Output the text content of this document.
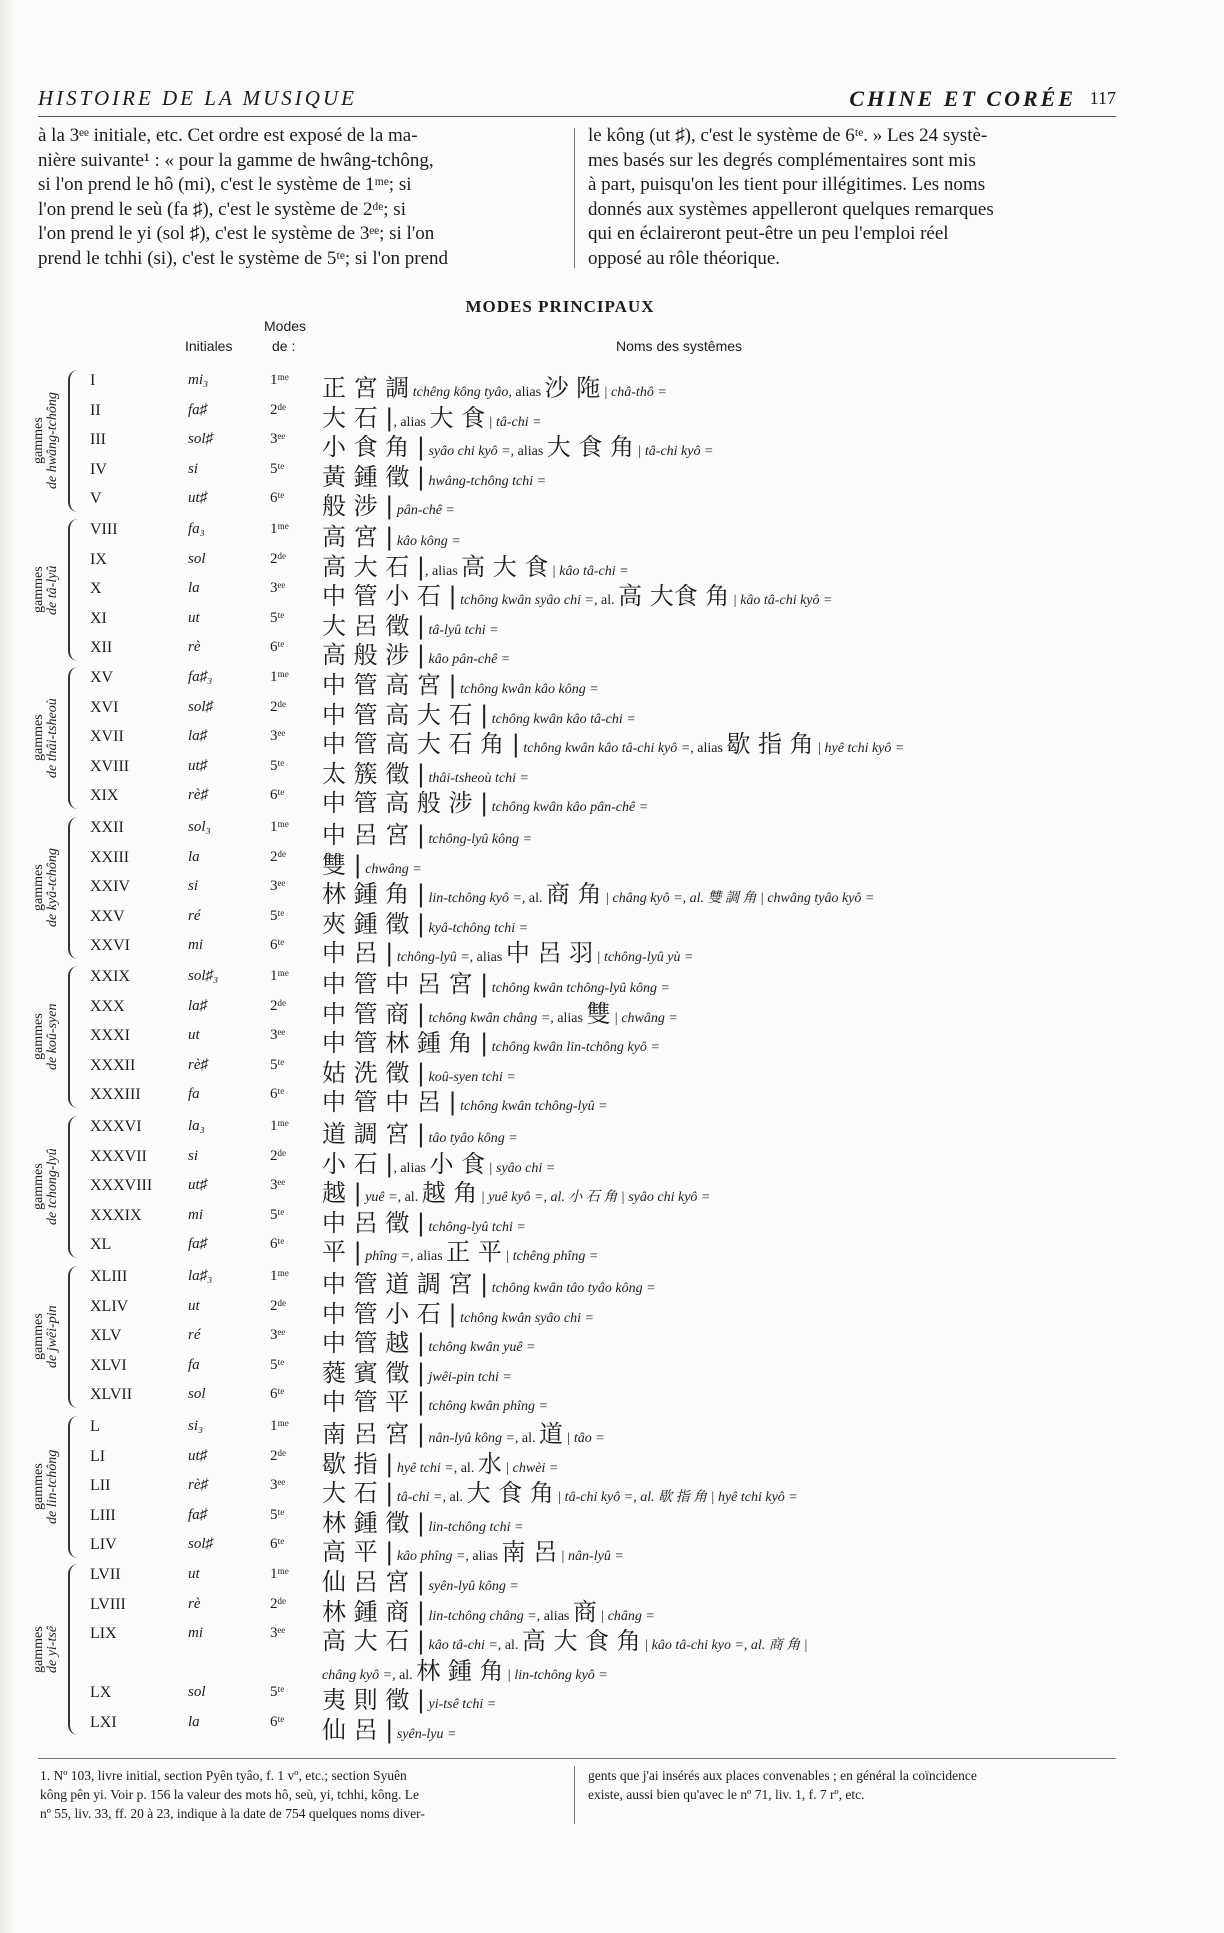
HISTOIRE DE LA MUSIQUE	CHINE ET CORÉE 117
à la 3ᵉᵉ initiale, etc. Cet ordre est exposé de la ma-
nière suivante¹ : « pour la gamme de hwâng-tchông,
si l'on prend le hô (mi), c'est le système de 1ᵐᵉ; si
l'on prend le seù (fa ♯), c'est le système de 2ᵈᵉ; si
l'on prend le yi (sol ♯), c'est le système de 3ᵉᵉ; si l'on
prend le tchhi (si), c'est le système de 5ᵗᵉ; si l'on prend
le kông (ut ♯), c'est le système de 6ᵗᵉ. » Les 24 systè-
mes basés sur les degrés complémentaires sont mis
à part, puisqu'on les tient pour illégitimes. Les noms
donnés aux systèmes appelleront quelques remarques
qui en éclaireront peut-être un peu l'emploi réel
opposé au rôle théorique.
MODES PRINCIPAUX
Modes
Initiales	de :	Noms des systêmes
gammes
de hwâng-tchông
gammes
de tâ-lyû
gammes
de thâi-tsheoù
gammes
de kyâ-tchông
gammes
de koû-syen
gammes
de tchong-lyû
gammes
de jwêi-pin
gammes
de lin-tchông
gammes
de yi-tsê
I	mi₃	1ᵐᵉ 正 宮 調 tchêng kông tyâo, alias 沙 陁 | châ-thô =
II	fa♯	2ᵈᵉ 大 石 |, alias 大 食 | tâ-chi =
III	sol♯	3ᵉᵉ 小 食 角 | syâo chi kyô =, alias 大 食 角 | tâ-chi kyô =
IV	si	5ᵗᵉ 黃 鍾 徵 | hwâng-tchông tchi =
V	ut♯	6ᵗᵉ 般 涉 | pân-chê =
VIII	fa₃	1ᵐᵉ 高 宮 | kâo kông =
IX	sol	2ᵈᵉ 高 大 石 |, alias 高 大 食 | kâo tâ-chi =
X	la	3ᵉᵉ 中 管 小 石 | tchông kwân syâo chi =, al. 高 大食 角 | kâo tâ-chi kyô =
XI	ut	5ᵗᵉ 大 呂 徵 | tâ-lyû tchi =
XII	rè	6ᵗᵉ 高 般 涉 | kâo pân-chê =
XV	fa♯₃	1ᵐᵉ 中 管 高 宮 | tchông kwân kâo kông =
XVI	sol♯	2ᵈᵉ 中 管 高 大 石 | tchông kwân kâo tâ-chi =
XVII	la♯	3ᵉᵉ 中 管 高 大 石 角 | tchông kwân kâo tâ-chi kyô =, alias 歇 指 角 | hyê tchi kyô =
XVIII	ut♯	5ᵗᵉ 太 簇 徵 | thâi-tsheoù tchi =
XIX	rè♯	6ᵗᵉ 中 管 高 般 涉 | tchông kwân kâo pân-chê =
XXII	sol₃	1ᵐᵉ 中 呂 宮 | tchông-lyû kông =
XXIII	la	2ᵈᵉ 雙 | chwâng =
XXIV	si	3ᵉᵉ 林 鍾 角 | lin-tchông kyô =, al. 商 角 | châng kyô =, al. 雙 調 角 | chwâng tyâo kyô =
XXV	ré	5ᵗᵉ 夾 鍾 徵 | kyâ-tchông tchi =
XXVI	mi	6ᵗᵉ 中 呂 | tchông-lyû =, alias 中 呂 羽 | tchông-lyû yù =
XXIX	sol♯₃	1ᵐᵉ 中 管 中 呂 宮 | tchông kwân tchông-lyû kông =
XXX	la♯	2ᵈᵉ 中 管 商 | tchông kwân châng =, alias 雙 | chwâng =
XXXI	ut	3ᵉᵉ 中 管 林 鍾 角 | tchông kwân lin-tchông kyô =
XXXII	rè♯	5ᵗᵉ 姑 洗 徵 | koû-syen tchi =
XXXIII	fa	6ᵗᵉ 中 管 中 呂 | tchông kwân tchông-lyû =
XXXVI	la₃	1ᵐᵉ 道 調 宮 | tâo tyâo kông =
XXXVII	si	2ᵈᵉ 小 石 |, alias 小 食 | syâo chi =
XXXVIII ut♯	3ᵉᵉ 越 | yuê =, al. 越 角 | yuê kyô =, al. 小 石 角 | syâo chi kyô =
XXXIX	mi	5ᵗᵉ 中 呂 徵 | tchông-lyû tchi =
XL	fa♯	6ᵗᵉ 平 | phîng =, alias 正 平 | tchêng phîng =
XLIII	la♯₃	1ᵐᵉ 中 管 道 調 宮 | tchông kwân tâo tyâo kông =
XLIV	ut	2ᵈᵉ 中 管 小 石 | tchông kwân syâo chi =
XLV	ré	3ᵉᵉ 中 管 越 | tchông kwân yuê =
XLVI	fa	5ᵗᵉ 蕤 賓 徵 | jwêi-pin tchi =
XLVII	sol	6ᵗᵉ 中 管 平 | tchông kwân phîng =
L	si₃	1ᵐᵉ 南 呂 宮 | nân-lyû kông =, al. 道 | tâo =
LI	ut♯	2ᵈᵉ 歇 指 | hyê tchi =, al. 水 | chwèi =
LII	rè♯	3ᵉᵉ 大 石 | tâ-chi =, al. 大 食 角 | tâ-chi kyô =, al. 歇 指 角 | hyê tchi kyô =
LIII	fa♯	5ᵗᵉ 林 鍾 徵 | lin-tchông tchi =
LIV	sol♯	6ᵗᵉ 高 平 | kâo phîng =, alias 南 呂 | nân-lyû =
LVII	ut	1ᵐᵉ 仙 呂 宮 | syên-lyû kông =
LVIII	rè	2ᵈᵉ 林 鍾 商 | lin-tchông châng =, alias 商 | châng =
LIX	mi	3ᵉᵉ 高 大 石 | kâo tâ-chi =, al. 高 大 食 角 | kâo tâ-chi kyo =, al. 商 角 |
châng kyô =, al. 林 鍾 角 | lin-tchông kyô =
LX	sol	5ᵗᵉ 夷 則 徵 | yi-tsê tchi =
LXI	la	6ᵗᵉ 仙 呂 | syên-lyu =
1. Nº 103, livre initial, section Pyên tyâo, f. 1 vº, etc.; section Syuên
kông pên yi. Voir p. 156 la valeur des mots hô, seù, yi, tchhi, kông. Le
nº 55, liv. 33, ff. 20 à 23, indique à la date de 754 quelques noms diver-
gents que j'ai insérés aux places convenables ; en général la coïncidence
existe, aussi bien qu'avec le nº 71, liv. 1, f. 7 rº, etc.
